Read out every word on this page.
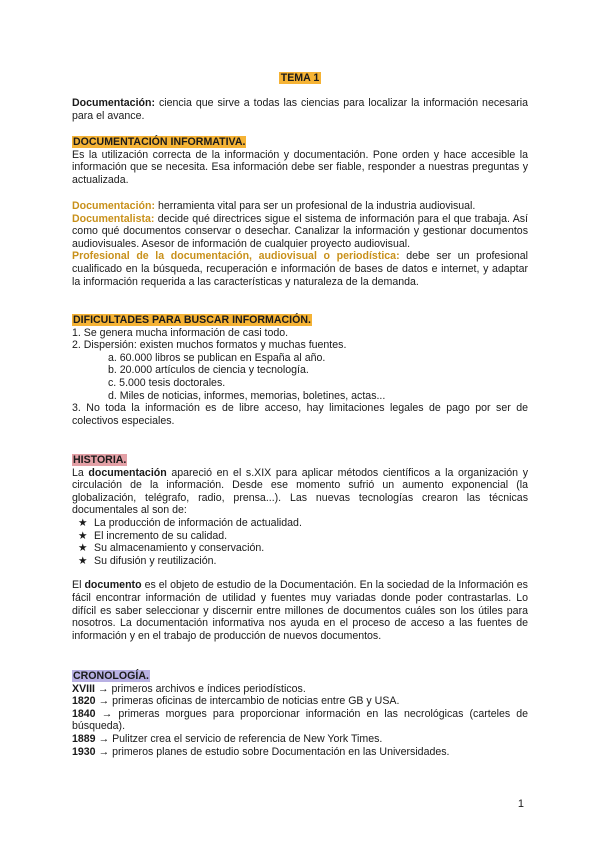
TEMA 1
Documentación: ciencia que sirve a todas las ciencias para localizar la información necesaria para el avance.
DOCUMENTACIÓN INFORMATIVA.

Es la utilización correcta de la información y documentación. Pone orden y hace accesible la información que se necesita. Esa información debe ser fiable, responder a nuestras preguntas y actualizada.

Documentación: herramienta vital para ser un profesional de la industria audiovisual.

Documentalista: decide qué directrices sigue el sistema de información para el que trabaja. Así como qué documentos conservar o desechar. Canalizar la información y gestionar documentos audiovisuales. Asesor de información de cualquier proyecto audiovisual.

Profesional de la documentación, audiovisual o periodística: debe ser un profesional cualificado en la búsqueda, recuperación e información de bases de datos e internet, y adaptar la información requerida a las características y naturaleza de la demanda.

DIFICULTADES PARA BUSCAR INFORMACIÓN.

1. Se genera mucha información de casi todo.

2. Dispersión: existen muchos formatos y muchas fuentes.

a. 60.000 libros se publican en España al año.

b. 20.000 artículos de ciencia y tecnología.

c. 5.000 tesis doctorales.

d. Miles de noticias, informes, memorias, boletines, actas...

3. No toda la información es de libre acceso, hay limitaciones legales de pago por ser de colectivos especiales.

HISTORIA.

La documentación apareció en el s.XIX para aplicar métodos científicos a la organización y circulación de la información. Desde ese momento sufrió un aumento exponencial (la globalización, telégrafo, radio, prensa...). Las nuevas tecnologías crearon las técnicas documentales al son de:

★ La producción de información de actualidad.
★ El incremento de su calidad.
★ Su almacenamiento y conservación.
★ Su difusión y reutilización.

El documento es el objeto de estudio de la Documentación. En la sociedad de la Información es fácil encontrar información de utilidad y fuentes muy variadas donde poder contrastarlas. Lo difícil es saber seleccionar y discernir entre millones de documentos cuáles son los útiles para nosotros. La documentación informativa nos ayuda en el proceso de acceso a las fuentes de información y en el trabajo de producción de nuevos documentos.

CRONOLOGÍA.

XVIII → primeros archivos e índices periodísticos.

1820 → primeras oficinas de intercambio de noticias entre GB y USA.

1840 → primeras morgues para proporcionar información en las necrológicas (carteles de búsqueda).

1889 → Pulitzer crea el servicio de referencia de New York Times.

1930 → primeros planes de estudio sobre Documentación en las Universidades.

1
